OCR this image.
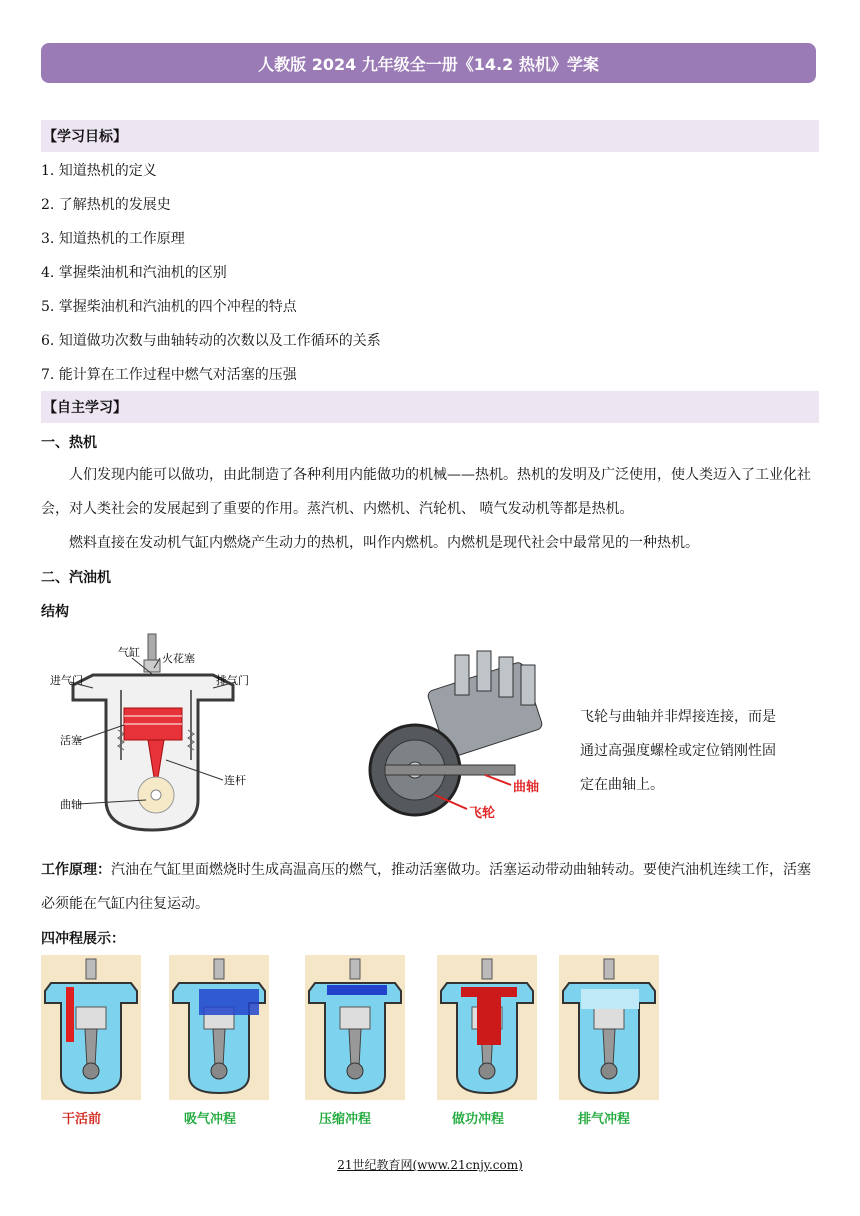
人教版 2024 九年级全一册《14.2 热机》学案
【学习目标】
1. 知道热机的定义
2. 了解热机的发展史
3. 知道热机的工作原理
4. 掌握柴油机和汽油机的区别
5. 掌握柴油机和汽油机的四个冲程的特点
6. 知道做功次数与曲轴转动的次数以及工作循环的关系
7. 能计算在工作过程中燃气对活塞的压强
【自主学习】
一、热机

人们发现内能可以做功，由此制造了各种利用内能做功的机械——热机。热机的发明及广泛使用，使人类迈入了工业化社会，对人类社会的发展起到了重要的作用。蒸汽机、内燃机、汽轮机、 喷气发动机等都是热机。

燃料直接在发动机气缸内燃烧产生动力的热机，叫作内燃机。内燃机是现代社会中最常见的一种热机。

二、汽油机
结构
气缸 火花塞
进气门	排气门
活塞
连杆
曲轴
飞轮
曲轴

飞轮与曲轴并非焊接连接，而是通过高强度螺栓或定位销刚性固定在曲轴上。

工作原理：汽油在气缸里面燃烧时生成高温高压的燃气，推动活塞做功。活塞运动带动曲轴转动。要使汽油机连续工作，活塞必须能在气缸内往复运动。

四冲程展示：
干活前	吸气冲程	压缩冲程	做功冲程	排气冲程
21世纪教育网(www.21cnjy.com)
